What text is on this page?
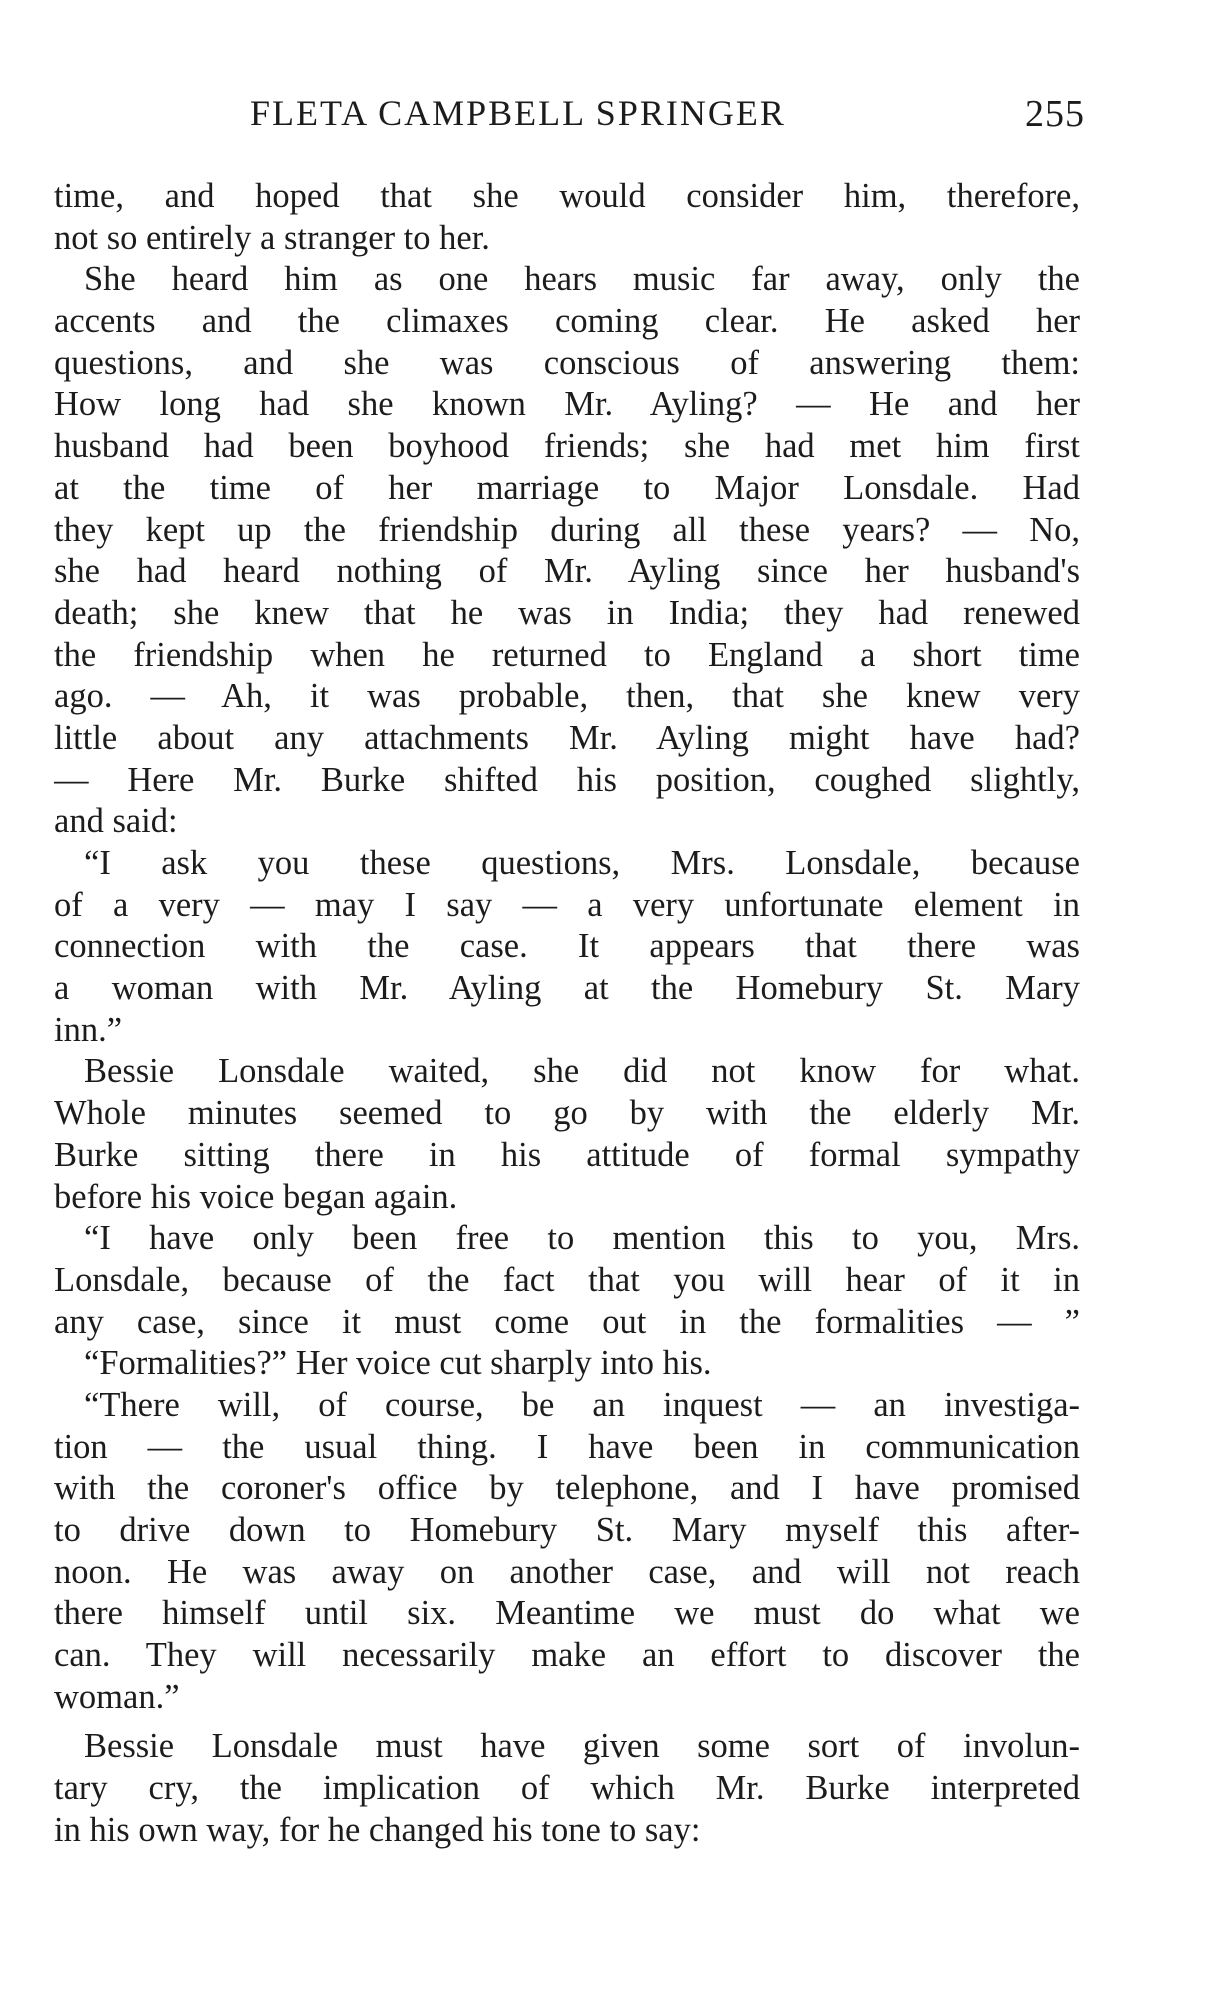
FLETA CAMPBELL SPRINGER	255
time, and hoped that she would consider him, therefore,
not so entirely a stranger to her.
She heard him as one hears music far away, only the
accents and the climaxes coming clear. He asked her
questions, and she was conscious of answering them:
How long had she known Mr. Ayling? — He and her
husband had been boyhood friends; she had met him first
at the time of her marriage to Major Lonsdale. Had
they kept up the friendship during all these years? — No,
she had heard nothing of Mr. Ayling since her husband's
death; she knew that he was in India; they had renewed
the friendship when he returned to England a short time
ago. — Ah, it was probable, then, that she knew very
little about any attachments Mr. Ayling might have had?
— Here Mr. Burke shifted his position, coughed slightly,
and said:
“I ask you these questions, Mrs. Lonsdale, because
of a very — may I say — a very unfortunate element in
connection with the case. It appears that there was
a woman with Mr. Ayling at the Homebury St. Mary
inn.”
Bessie Lonsdale waited, she did not know for what.
Whole minutes seemed to go by with the elderly Mr.
Burke sitting there in his attitude of formal sympathy
before his voice began again.
“I have only been free to mention this to you, Mrs.
Lonsdale, because of the fact that you will hear of it in
any case, since it must come out in the formalities — ”
“Formalities?” Her voice cut sharply into his.
“There will, of course, be an inquest — an investiga-
tion — the usual thing. I have been in communication
with the coroner's office by telephone, and I have promised
to drive down to Homebury St. Mary myself this after-
noon. He was away on another case, and will not reach
there himself until six. Meantime we must do what we
can. They will necessarily make an effort to discover the
woman.”
Bessie Lonsdale must have given some sort of involun-
tary cry, the implication of which Mr. Burke interpreted
in his own way, for he changed his tone to say:
